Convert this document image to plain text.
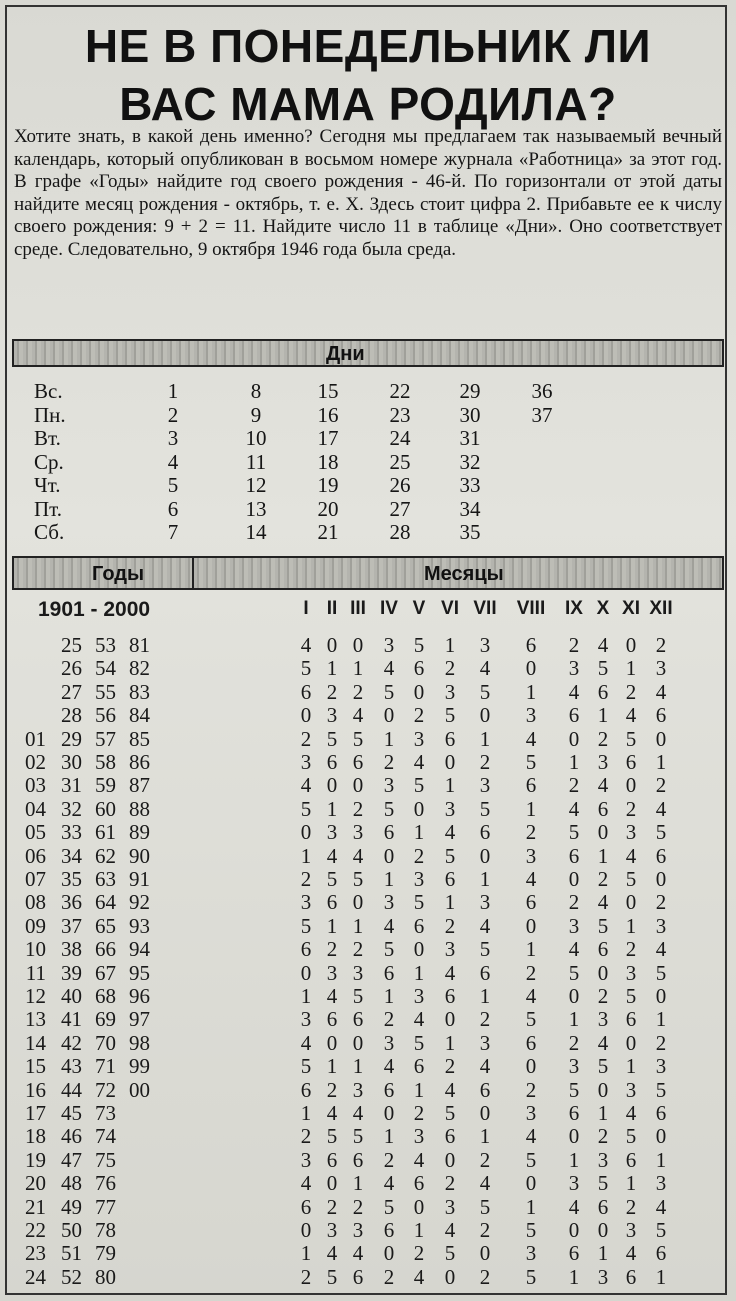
НЕ В ПОНЕДЕЛЬНИК ЛИ
ВАС МАМА РОДИЛА?
Хотите знать, в какой день именно? Сегодня мы предлагаем так называемый вечный календарь, который опубликован в восьмом номере журнала «Работница» за этот год. В графе «Годы» найдите год своего рождения - 46-й. По горизонтали от этой даты найдите месяц рождения - октябрь, т. е. X. Здесь стоит цифра 2. Прибавьте ее к числу своего рождения: 9 + 2 = 11. Найдите число 11 в таблице «Дни». Оно соответствует среде. Следовательно, 9 октября 1946 года была среда.
Дни
Вс.	1	8	15	22	29	36
Пн.	2	9	16	23	30	37
Вт.	3	10	17	24	31
Ср.	4	11	18	25	32
Чт.	5	12	19	26	33
Пт.	6	13	20	27	34
Сб.	7	14	21	28	35
Годы	Месяцы
1901 - 2000	I II III IV V VI VII	VIII	IX X XI XII
25 53 81	4 0 0 3 5 1	3	6	2 4 0 2
26 54 82	5 1 1 4 6 2	4	0	3 5 1 3
27 55 83	6 2 2 5 0 3	5	1	4 6 2 4
28 56 84	0 3 4 0 2 5	0	3	6 1 4 6
01 29 57 85	2 5 5 1 3 6	1	4	0 2 5 0
02 30 58 86	3 6 6 2 4 0	2	5	1 3 6 1
03 31 59 87	4 0 0 3 5 1	3	6	2 4 0 2
04 32 60 88	5 1 2 5 0 3	5	1	4 6 2 4
05 33 61 89	0 3 3 6 1 4	6	2	5 0 3 5
06 34 62 90	1 4 4 0 2 5	0	3	6 1 4 6
07 35 63 91	2 5 5 1 3 6	1	4	0 2 5 0
08 36 64 92	3 6 0 3 5 1	3	6	2 4 0 2
09 37 65 93	5 1 1 4 6 2	4	0	3 5 1 3
10 38 66 94	6 2 2 5 0 3	5	1	4 6 2 4
11 39 67 95	0 3 3 6 1 4	6	2	5 0 3 5
12 40 68 96	1 4 5 1 3 6	1	4	0 2 5 0
13 41 69 97	3 6 6 2 4 0	2	5	1 3 6 1
14 42 70 98	4 0 0 3 5 1	3	6	2 4 0 2
15 43 71 99	5 1 1 4 6 2	4	0	3 5 1 3
16 44 72 00	6 2 3 6 1 4	6	2	5 0 3 5
17 45 73	1 4 4 0 2 5	0	3	6 1 4 6
18 46 74	2 5 5 1 3 6	1	4	0 2 5 0
19 47 75	3 6 6 2 4 0	2	5	1 3 6 1
20 48 76	4 0 1 4 6 2	4	0	3 5 1 3
21 49 77	6 2 2 5 0 3	5	1	4 6 2 4
22 50 78	0 3 3 6 1 4	2	5	0 0 3 5
23 51 79	1 4 4 0 2 5	0	3	6 1 4 6
24 52 80	2 5 6 2 4 0	2	5	1 3 6 1
